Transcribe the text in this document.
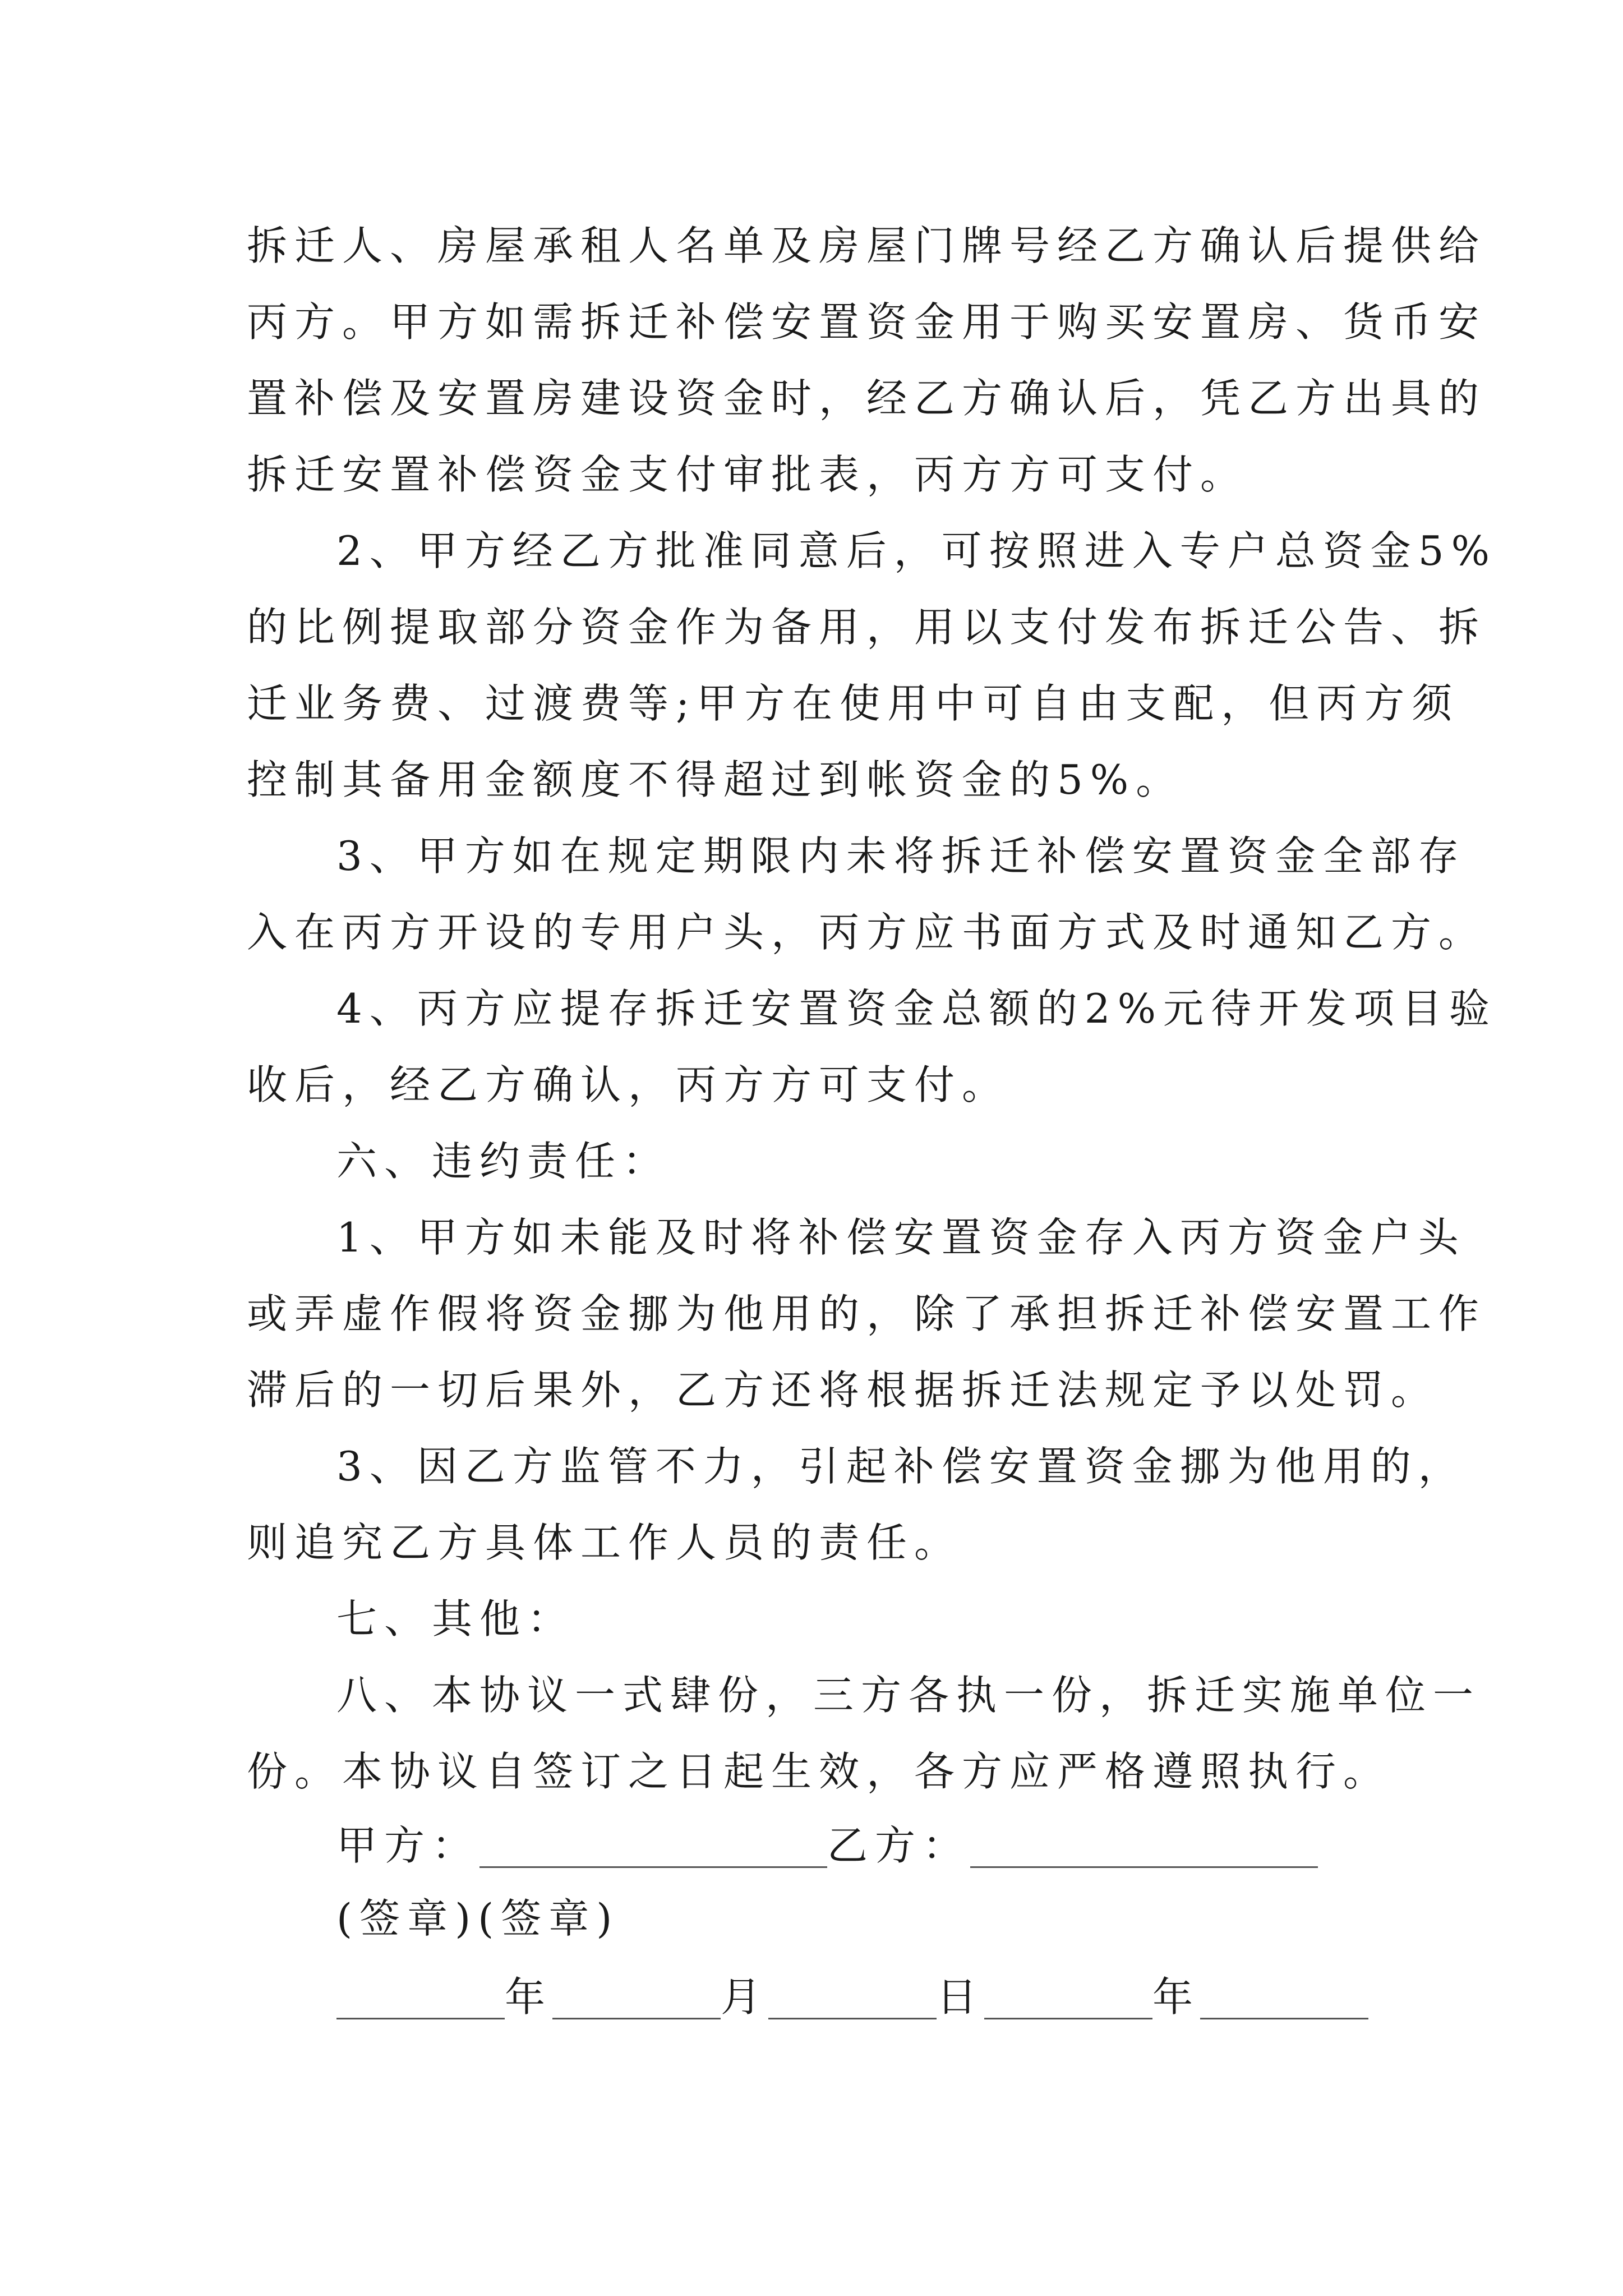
拆迁人、房屋承租人名单及房屋门牌号经乙方确认后提供给
丙方。甲方如需拆迁补偿安置资金用于购买安置房、货币安
置补偿及安置房建设资金时，经乙方确认后，凭乙方出具的
拆迁安置补偿资金支付审批表，丙方方可支付。
2、甲方经乙方批准同意后，可按照进入专户总资金5%
的比例提取部分资金作为备用，用以支付发布拆迁公告、拆
迁业务费、过渡费等;甲方在使用中可自由支配，但丙方须
控制其备用金额度不得超过到帐资金的5%。
3、甲方如在规定期限内未将拆迁补偿安置资金全部存
入在丙方开设的专用户头，丙方应书面方式及时通知乙方。
4、丙方应提存拆迁安置资金总额的2%元待开发项目验
收后，经乙方确认，丙方方可支付。
六、违约责任：
1、甲方如未能及时将补偿安置资金存入丙方资金户头
或弄虚作假将资金挪为他用的，除了承担拆迁补偿安置工作
滞后的一切后果外，乙方还将根据拆迁法规定予以处罚。
3、因乙方监管不力，引起补偿安置资金挪为他用的，
则追究乙方具体工作人员的责任。
七、其他：
八、本协议一式肆份，三方各执一份，拆迁实施单位一
份。本协议自签订之日起生效，各方应严格遵照执行。
甲方：	乙方：
(签章)(签章)
年	月	日	年
